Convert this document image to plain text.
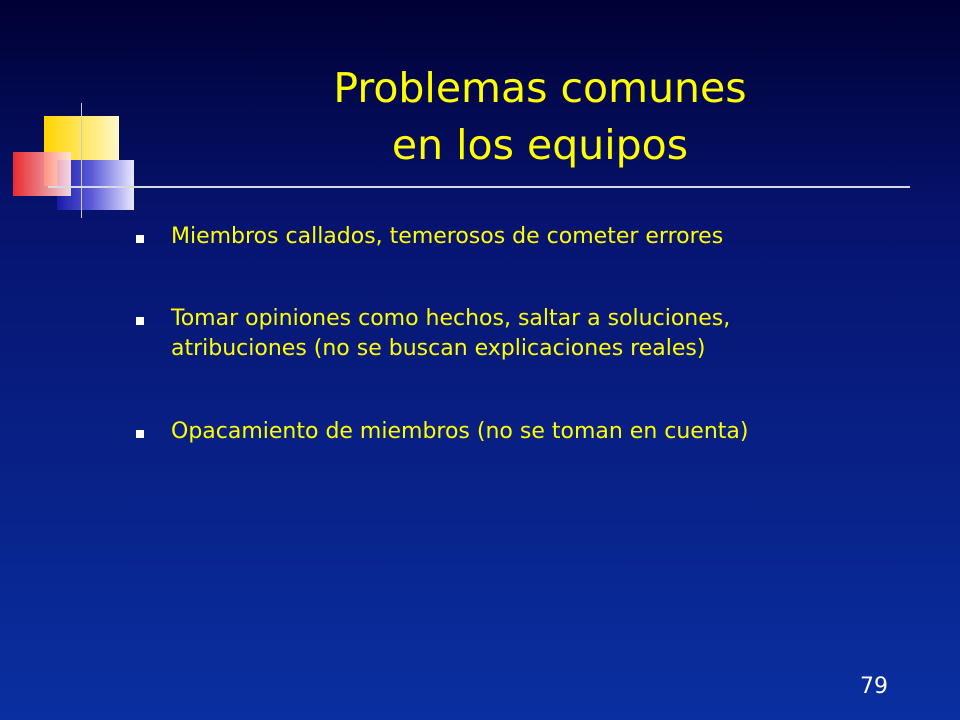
Problemas comunes
en los equipos
Miembros callados, temerosos de cometer errores
Tomar opiniones como hechos, saltar a soluciones,
atribuciones (no se buscan explicaciones reales)
Opacamiento de miembros (no se toman en cuenta)
79
